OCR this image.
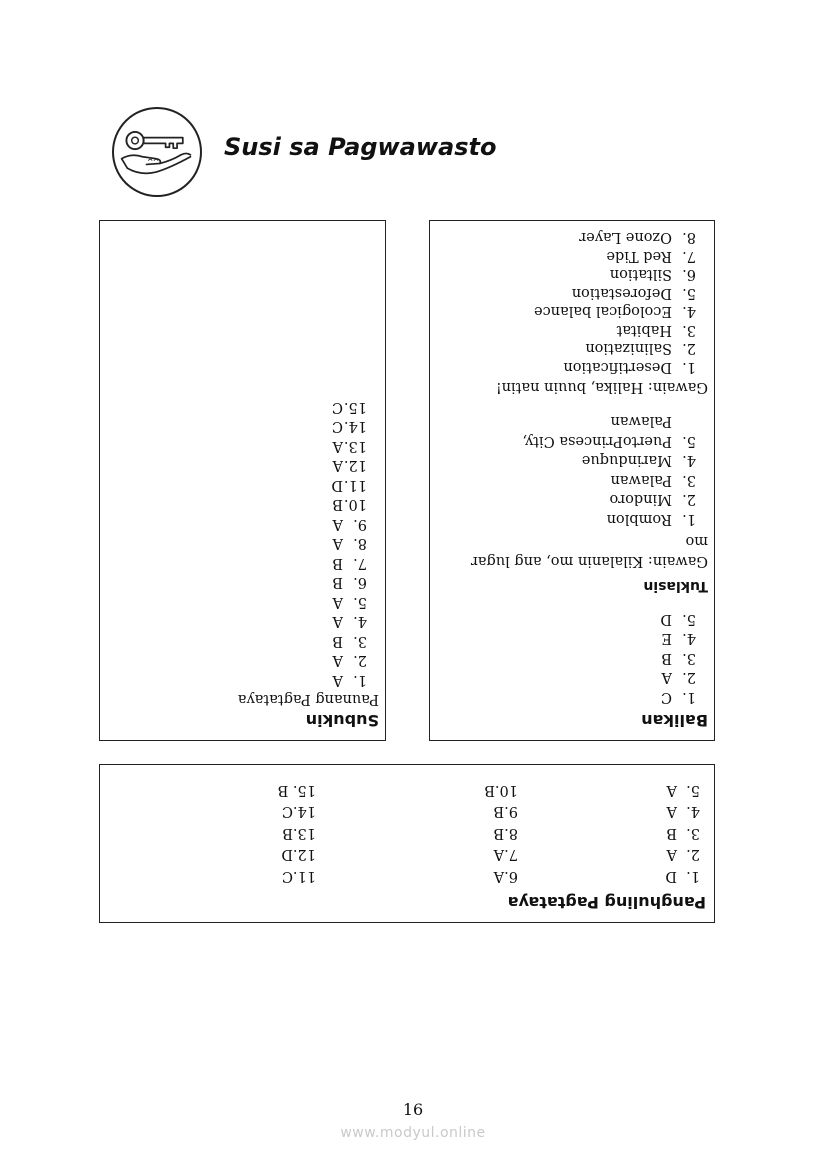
Susi sa Pagwawasto
Balikan
1.C
2.A
3.B
4.E
5.D
Tuklasin
Gawain: Kilalanin mo, ang lugar
mo
1.Romblon
2.Mindoro
3.Palawan
4.Marinduque
5.PuertoPrincesa City,
Palawan
Gawain: Halika, buuin natin!
1.Desertification
2.Salinization
3.Habitat
4.Ecological balance
5.Deforestation
6.Siltation
7.Red Tide
8.Ozone Layer
Subukin
Paunang Pagtataya
1.A
2.A
3.B
4.A
5.A
6.B
7.B
8.A
9.A
10.B
11.D
12.A
13.A
14.C
15.C
Panghuling Pagtataya
1.  D
2.  A
3.  B
4.  A
5.  A
6.A
7.A
8.B
9.B
10.B
11.C
12.D
13.B
14.C
15. B
16
www.modyul.online
